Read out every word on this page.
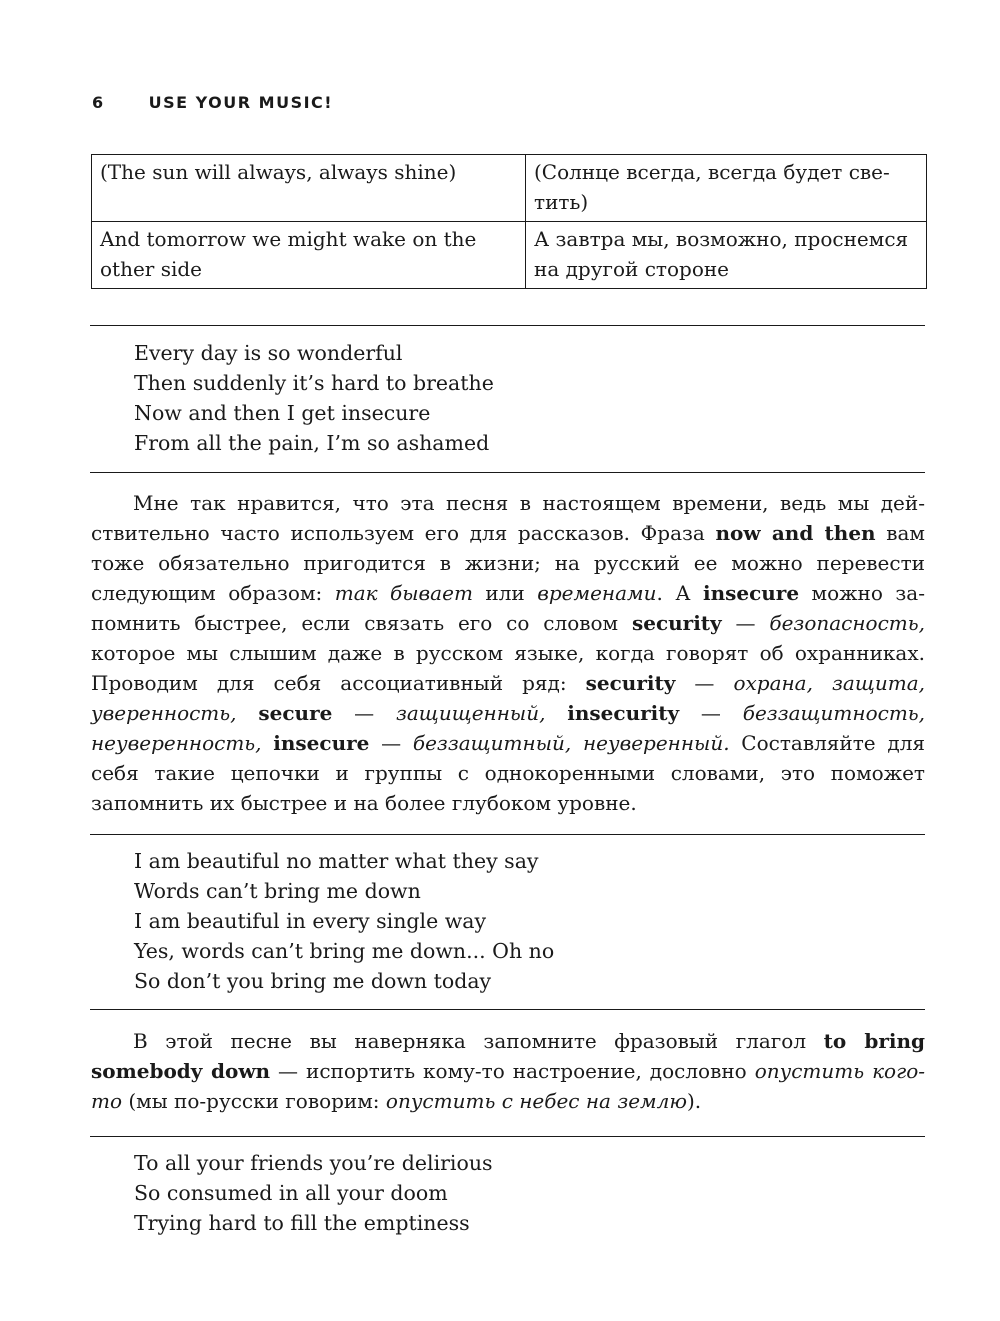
6	USE YOUR MUSIC!
(The sun will always, always shine)	(Солнце всегда, всегда будет све- тить)
And tomorrow we might wake on the other side	А завтра мы, возможно, проснемся на другой стороне
Every day is so wonderful
Then suddenly it’s hard to breathe
Now and then I get insecure
From all the pain, I’m so ashamed
Мне так нравится, что эта песня в настоящем времени, ведь мы действительно часто используем его для рассказов. Фраза now and then вам тоже обязательно пригодится в жизни; на русский ее можно перевести следующим образом: так бывает или временами. А insecure можно запомнить быстрее, если связать его со словом security — безопасность, которое мы слышим даже в русском языке, когда говорят об охранниках. Проводим для себя ассоциативный ряд: security — охрана, защита, уверенность, secure — защищенный, insecurity — беззащитность, неуверенность, insecure — беззащитный, неуверенный. Составляйте для себя такие цепочки и группы с однокоренными словами, это поможет запомнить их быстрее и на более глубоком уровне.
I am beautiful no matter what they say
Words can’t bring me down
I am beautiful in every single way
Yes, words can’t bring me down... Oh no
So don’t you bring me down today
В этой песне вы наверняка запомните фразовый глагол to bring somebody down — испортить кому-то настроение, дословно опустить кого-то (мы по-русски говорим: опустить с небес на землю).
To all your friends you’re delirious
So consumed in all your doom
Trying hard to fill the emptiness
